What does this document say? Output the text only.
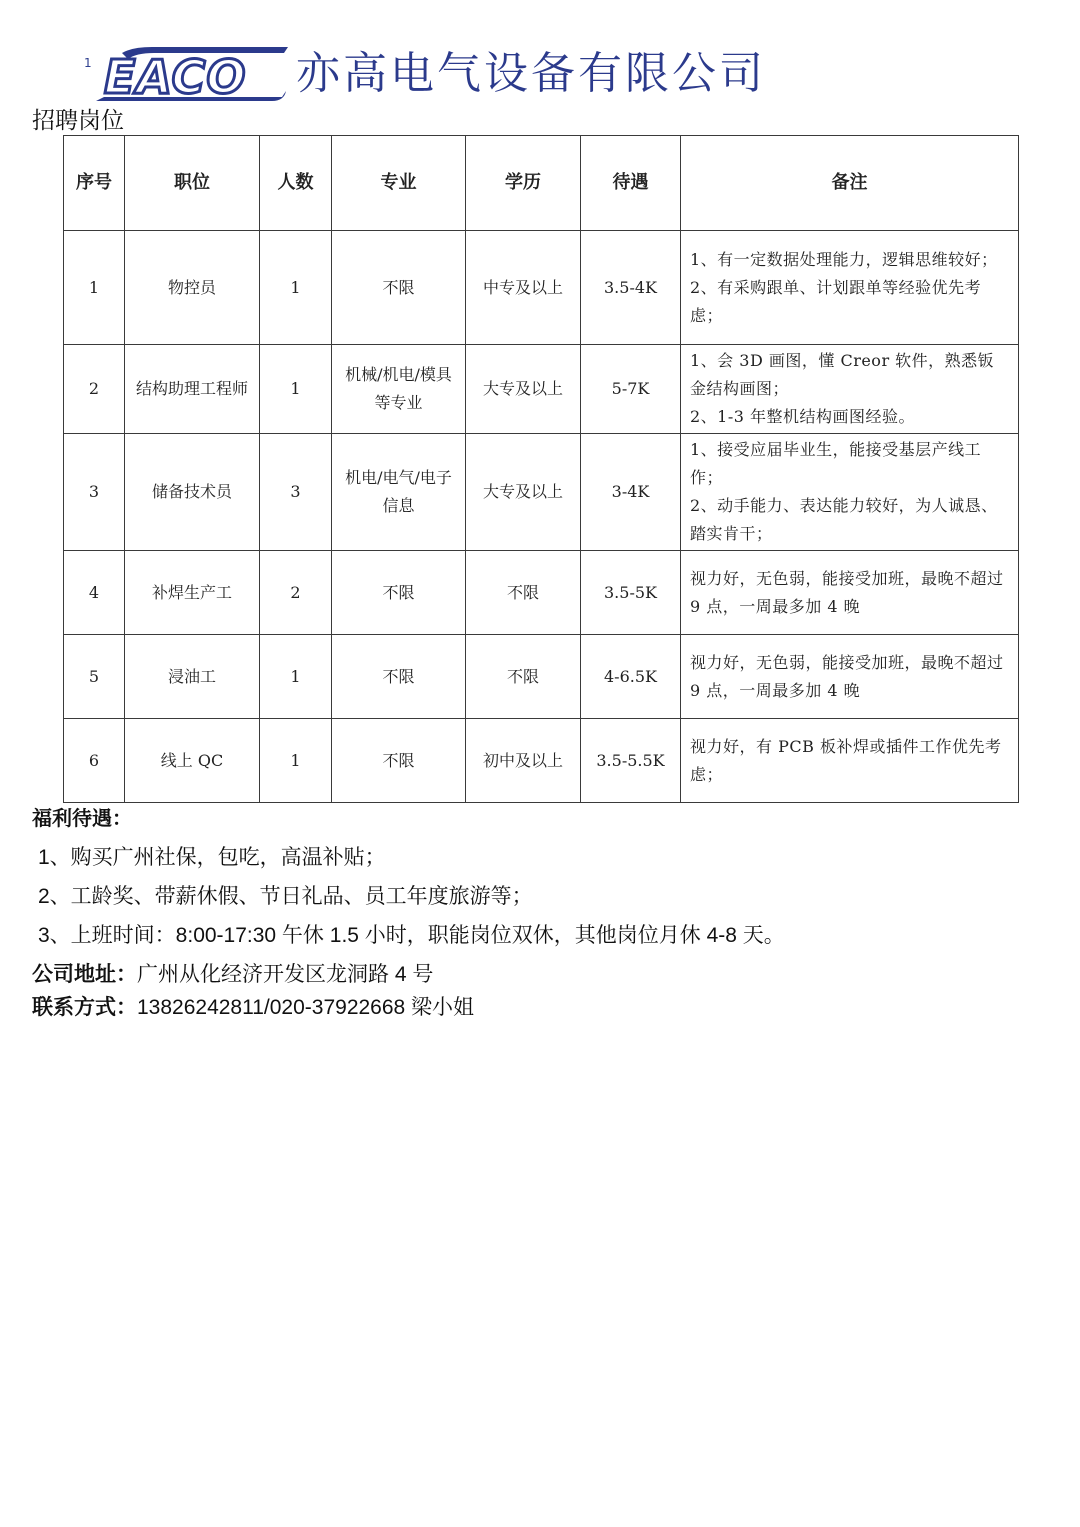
1 EACO 亦高电气设备有限公司
招聘岗位
序号	职位	人数	专业	学历	待遇	备注
1	物控员	1	不限	中专及以上	3.5-4K	1、有一定数据处理能力，逻辑思维较好；
2、有采购跟单、计划跟单等经验优先考虑；

2	结构助理工程师	1	机械/机电/模具等专业	大专及以上	5-7K	1、会 3D 画图，懂 Creor 软件，熟悉钣金结构画图；
2、1-3 年整机结构画图经验。

3	储备技术员	3	机电/电气/电子信息	大专及以上	3-4K	1、接受应届毕业生，能接受基层产线工作；
2、动手能力、表达能力较好，为人诚恳、踏实肯干；

4	补焊生产工	2	不限	不限	3.5-5K	视力好，无色弱，能接受加班，最晚不超过 9 点，一周最多加 4 晚

5	浸油工	1	不限	不限	4-6.5K	视力好，无色弱，能接受加班，最晚不超过 9 点，一周最多加 4 晚

6	线上 QC	1	不限	初中及以上	3.5-5.5K	视力好，有 PCB 板补焊或插件工作优先考虑；
福利待遇：
1、购买广州社保，包吃，高温补贴；
2、工龄奖、带薪休假、节日礼品、员工年度旅游等；
3、上班时间：8:00-17:30 午休 1.5 小时，职能岗位双休，其他岗位月休 4-8 天。
公司地址：广州从化经济开发区龙洞路 4 号
联系方式：13826242811/020-37922668 梁小姐
